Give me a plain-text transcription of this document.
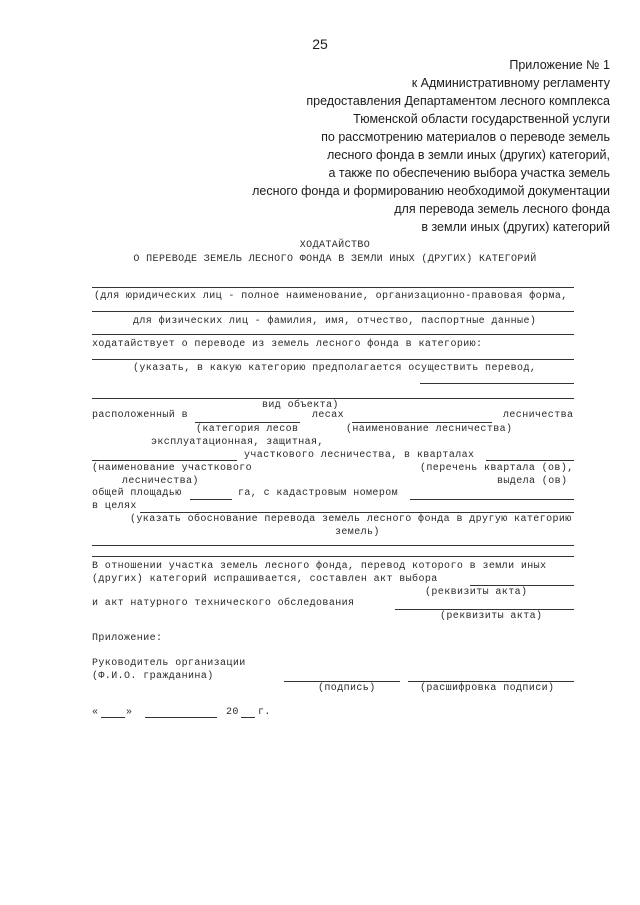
25
Приложение № 1
к Административному регламенту
предоставления Департаментом лесного комплекса
Тюменской области государственной услуги
по рассмотрению материалов о переводе земель
лесного фонда в земли иных (других) категорий,
а также по обеспечению выбора участка земель
лесного фонда и формированию необходимой документации
для перевода земель лесного фонда
в земли иных (других) категорий
ХОДАТАЙСТВО
О ПЕРЕВОДЕ ЗЕМЕЛЬ ЛЕСНОГО ФОНДА В ЗЕМЛИ ИНЫХ (ДРУГИХ) КАТЕГОРИЙ
(для юридических лиц - полное наименование, организационно-правовая форма,
для физических лиц - фамилия, имя, отчество, паспортные данные)
ходатайствует о переводе из земель лесного фонда в категорию:
(указать, в какую категорию предполагается осуществить перевод,
вид объекта)
расположенный в	лесах	лесничества
(категория лесов	(наименование лесничества)
эксплуатационная, защитная,
участкового лесничества, в кварталах
(наименование участкового	(перечень квартала (ов),
лесничества)	выдела (ов)
общей площадью	га, с кадастровым номером
в целях
(указать обоснование перевода земель лесного фонда в другую категорию
земель)
В отношении участка земель лесного фонда, перевод которого в земли иных
(других) категорий испрашивается, составлен акт выбора
(реквизиты акта)
и акт натурного технического обследования
(реквизиты акта)
Приложение:
Руководитель организации
(Ф.И.О. гражданина)
(подпись)	(расшифровка подписи)
«	»	20 г.
